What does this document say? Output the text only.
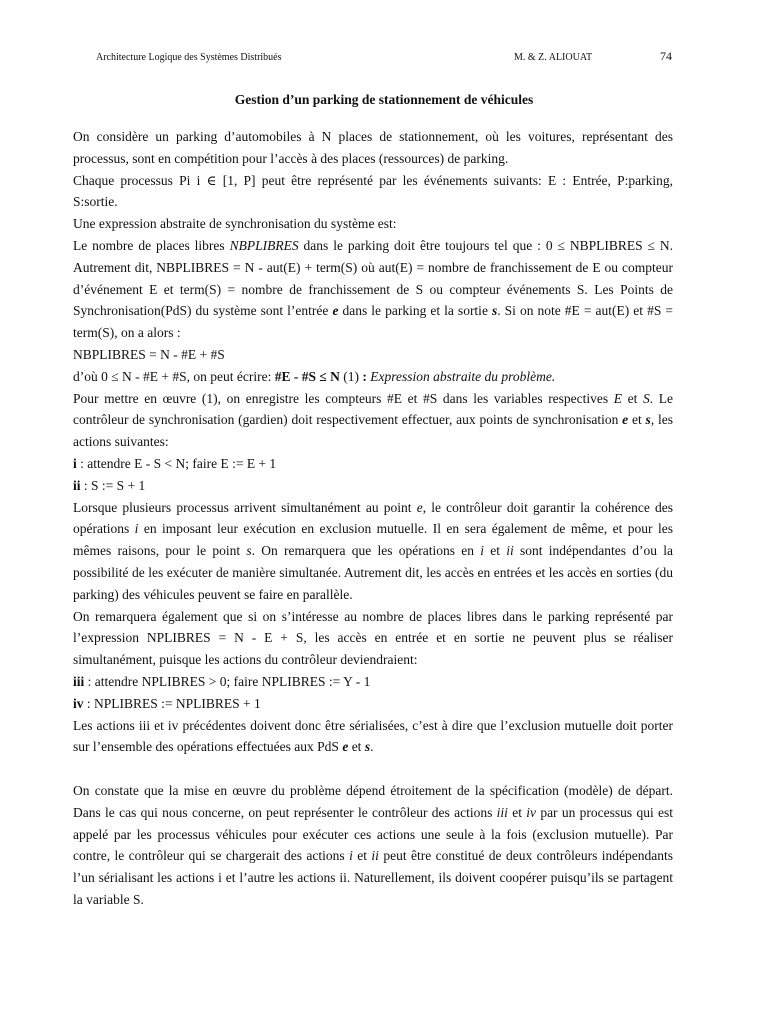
Architecture Logique des Systèmes Distribués	M. & Z. ALIOUAT	74
Gestion d’un parking de stationnement de véhicules

On considère un parking d’automobiles à N places de stationnement, où les voitures, représentant des processus, sont en compétition pour l’accès à des places (ressources) de parking.

Chaque processus Pi i ∈ [1, P] peut être représenté par les événements suivants: E : Entrée, P:parking, S:sortie.

Une expression abstraite de synchronisation du système est:

Le nombre de places libres NBPLIBRES dans le parking doit être toujours tel que : 0 ≤ NBPLIBRES ≤ N. Autrement dit, NBPLIBRES = N - aut(E) + term(S) où aut(E) = nombre de franchissement de E ou compteur d’événement E et term(S) = nombre de franchissement de S ou compteur événements S. Les Points de Synchronisation(PdS) du système sont l’entrée e dans le parking et la sortie s. Si on note #E = aut(E) et #S = term(S), on a alors :

NBPLIBRES = N - #E + #S

d’où 0 ≤ N - #E + #S, on peut écrire: #E - #S ≤ N (1) : Expression abstraite du problème.

Pour mettre en œuvre (1), on enregistre les compteurs #E et #S dans les variables respectives E et S. Le contrôleur de synchronisation (gardien) doit respectivement effectuer, aux points de synchronisation e et s, les actions suivantes:

i : attendre E - S < N; faire E := E + 1

ii : S := S + 1

Lorsque plusieurs processus arrivent simultanément au point e, le contrôleur doit garantir la cohérence des opérations i en imposant leur exécution en exclusion mutuelle. Il en sera également de même, et pour les mêmes raisons, pour le point s. On remarquera que les opérations en i et ii sont indépendantes d’ou la possibilité de les exécuter de manière simultanée. Autrement dit, les accès en entrées et les accès en sorties (du parking) des véhicules peuvent se faire en parallèle.

On remarquera également que si on s’intéresse au nombre de places libres dans le parking représenté par l’expression NPLIBRES = N - E + S, les accès en entrée et en sortie ne peuvent plus se réaliser simultanément, puisque les actions du contrôleur deviendraient:

iii : attendre NPLIBRES > 0; faire NPLIBRES := Y - 1

iv : NPLIBRES := NPLIBRES + 1

Les actions iii et iv précédentes doivent donc être sérialisées, c’est à dire que l’exclusion mutuelle doit porter sur l’ensemble des opérations effectuées aux PdS e et s.

On constate que la mise en œuvre du problème dépend étroitement de la spécification (modèle) de départ. Dans le cas qui nous concerne, on peut représenter le contrôleur des actions iii et iv par un processus qui est appelé par les processus véhicules pour exécuter ces actions une seule à la fois (exclusion mutuelle). Par contre, le contrôleur qui se chargerait des actions i et ii peut être constitué de deux contrôleurs indépendants l’un sérialisant les actions i et l’autre les actions ii. Naturellement, ils doivent coopérer puisqu’ils se partagent la variable S.
